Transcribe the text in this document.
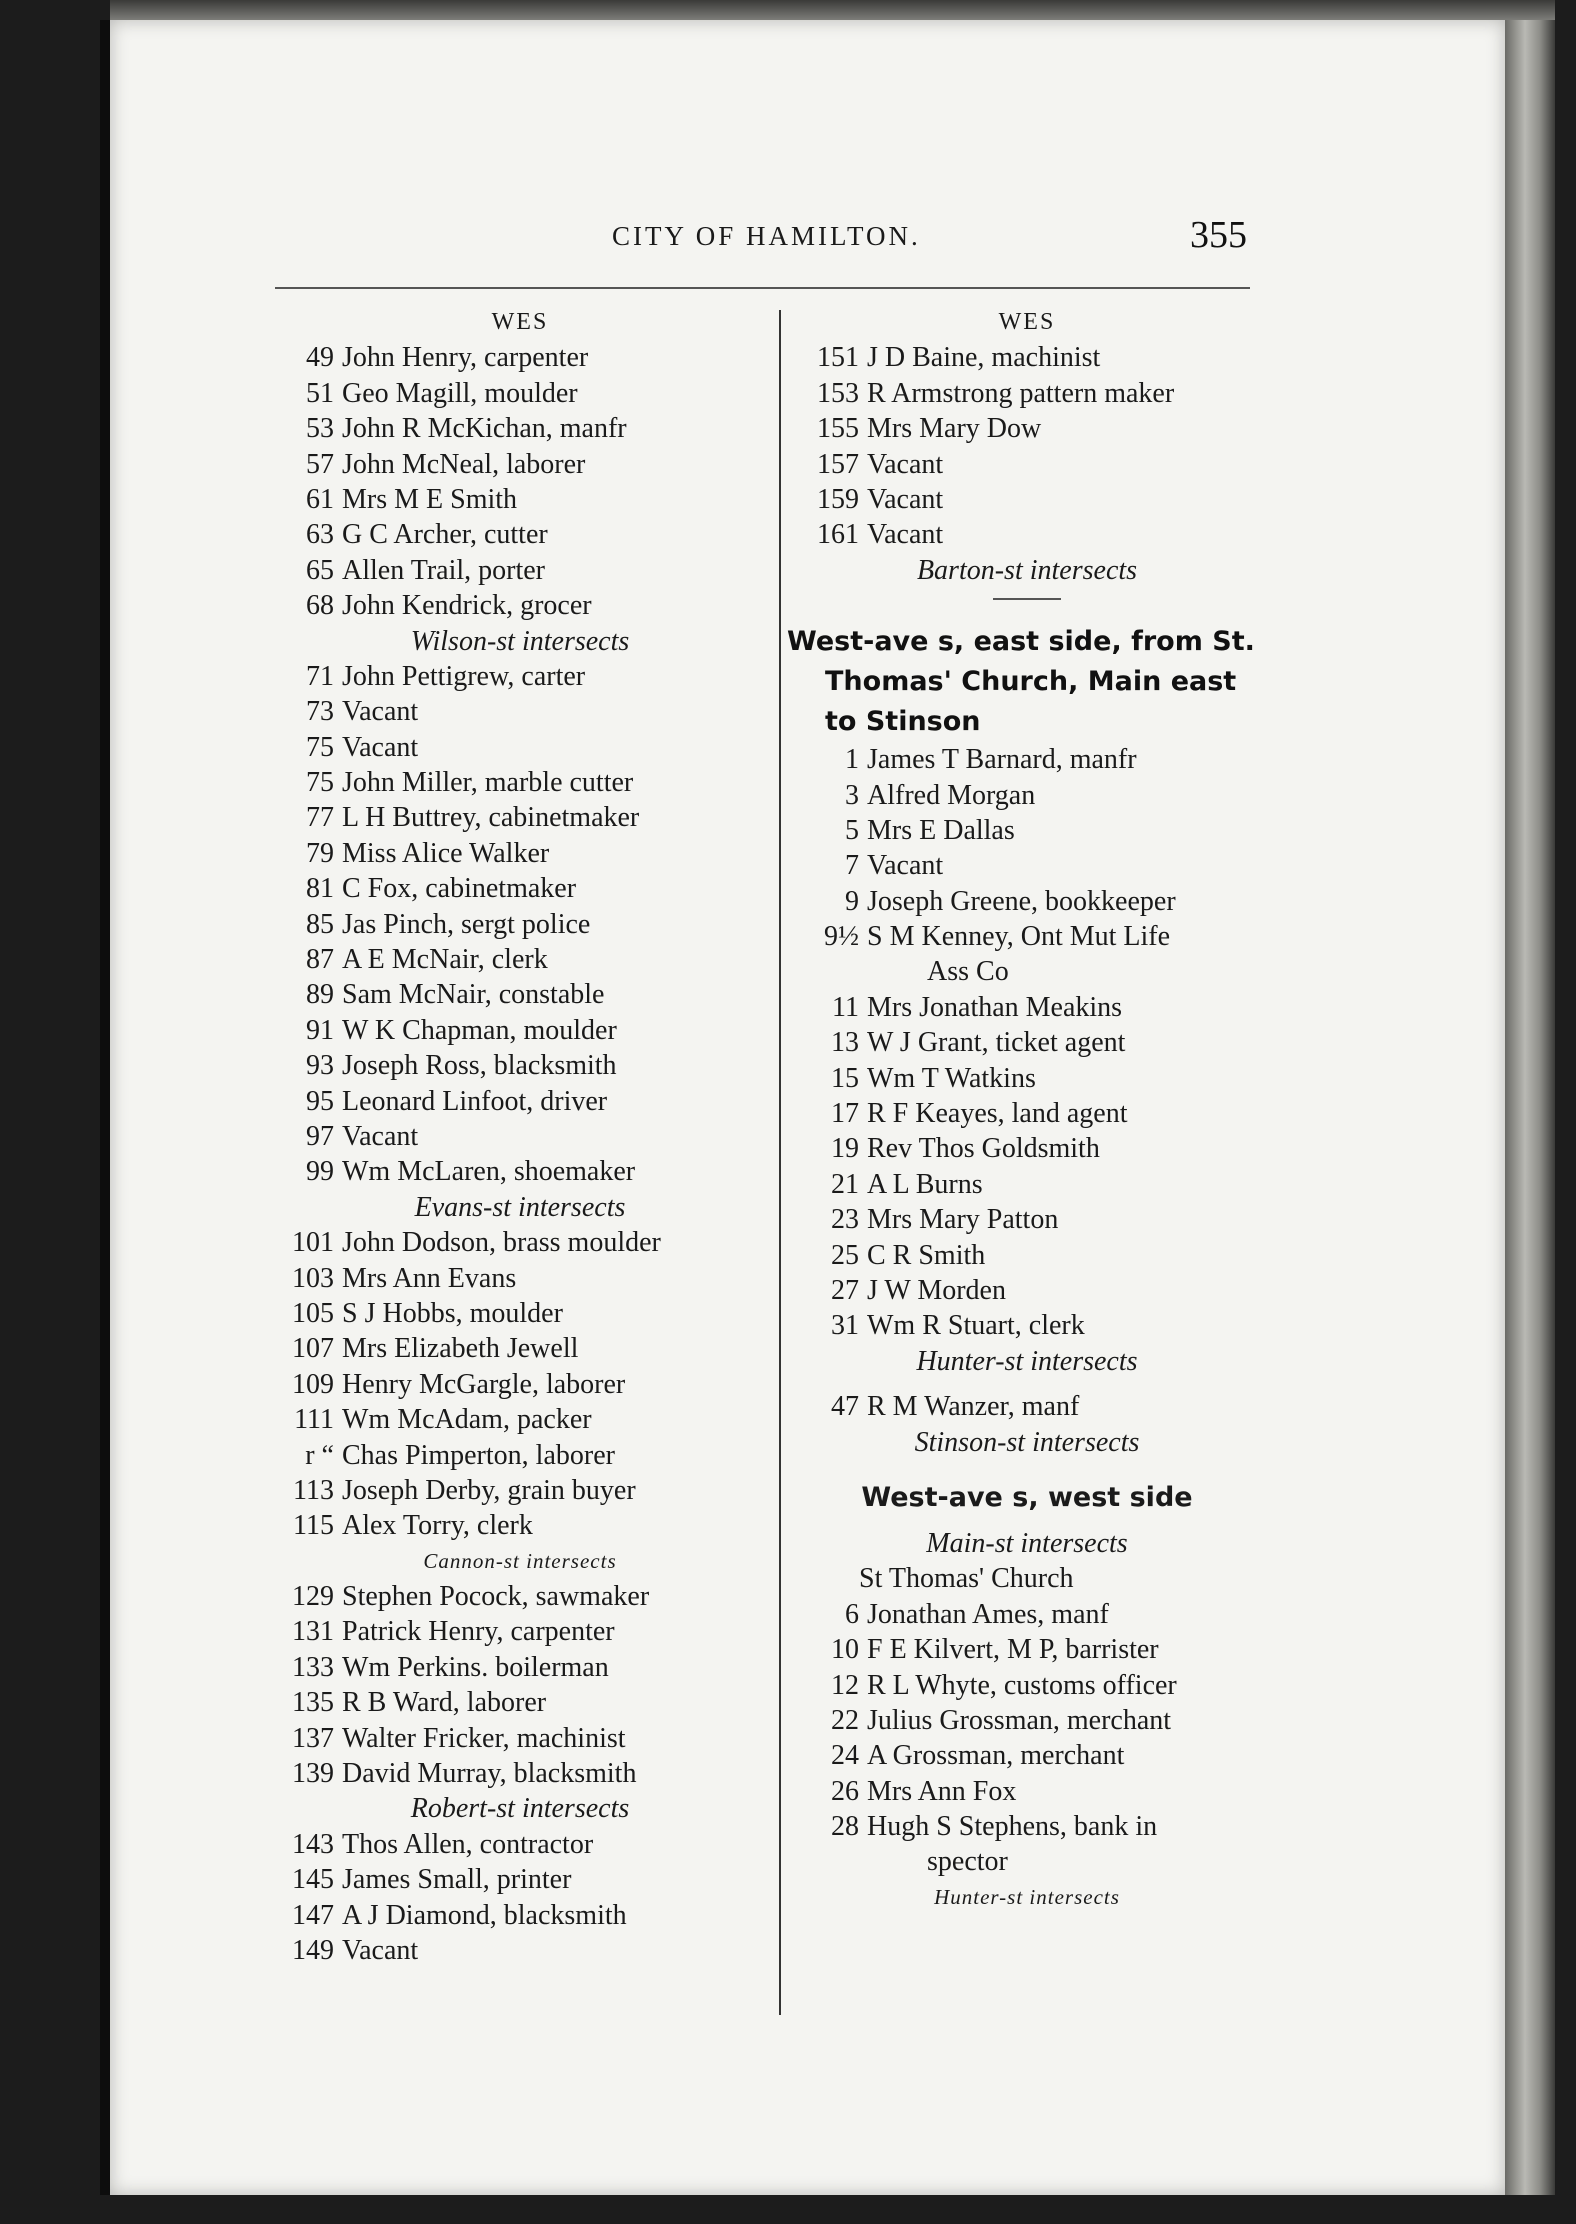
CITY OF HAMILTON.	355
WES
49 John Henry, carpenter
51 Geo Magill, moulder
53 John R McKichan, manfr
57 John McNeal, laborer
61 Mrs M E Smith
63 G C Archer, cutter
65 Allen Trail, porter
68 John Kendrick, grocer
Wilson-st intersects
71 John Pettigrew, carter
73 Vacant
75 Vacant
75 John Miller, marble cutter
77 L H Buttrey, cabinetmaker
79 Miss Alice Walker
81 C Fox, cabinetmaker
85 Jas Pinch, sergt police
87 A E McNair, clerk
89 Sam McNair, constable
91 W K Chapman, moulder
93 Joseph Ross, blacksmith
95 Leonard Linfoot, driver
97 Vacant
99 Wm McLaren, shoemaker
Evans-st intersects
101 John Dodson, brass moulder
103 Mrs Ann Evans
105 S J Hobbs, moulder
107 Mrs Elizabeth Jewell
109 Henry McGargle, laborer
111 Wm McAdam, packer
r “ Chas Pimperton, laborer
113 Joseph Derby, grain buyer
115 Alex Torry, clerk
Cannon-st intersects
129 Stephen Pocock, sawmaker
131 Patrick Henry, carpenter
133 Wm Perkins. boilerman
135 R B Ward, laborer
137 Walter Fricker, machinist
139 David Murray, blacksmith
Robert-st intersects
143 Thos Allen, contractor
145 James Small, printer
147 A J Diamond, blacksmith
149 Vacant
WES
151 J D Baine, machinist
153 R Armstrong pattern maker
155 Mrs Mary Dow
157 Vacant
159 Vacant
161 Vacant
Barton-st intersects
West-ave s, east side, from St.
Thomas' Church, Main east
to Stinson
1 James T Barnard, manfr
3 Alfred Morgan
5 Mrs E Dallas
7 Vacant
9 Joseph Greene, bookkeeper
9½ S M Kenney, Ont Mut Life
Ass Co
11 Mrs Jonathan Meakins
13 W J Grant, ticket agent
15 Wm T Watkins
17 R F Keayes, land agent
19 Rev Thos Goldsmith
21 A L Burns
23 Mrs Mary Patton
25 C R Smith
27 J W Morden
31 Wm R Stuart, clerk
Hunter-st intersects
47 R M Wanzer, manf
Stinson-st intersects
West-ave s, west side
Main-st intersects
St Thomas' Church
6 Jonathan Ames, manf
10 F E Kilvert, M P, barrister
12 R L Whyte, customs officer
22 Julius Grossman, merchant
24 A Grossman, merchant
26 Mrs Ann Fox
28 Hugh S Stephens, bank in
spector
Hunter-st intersects
